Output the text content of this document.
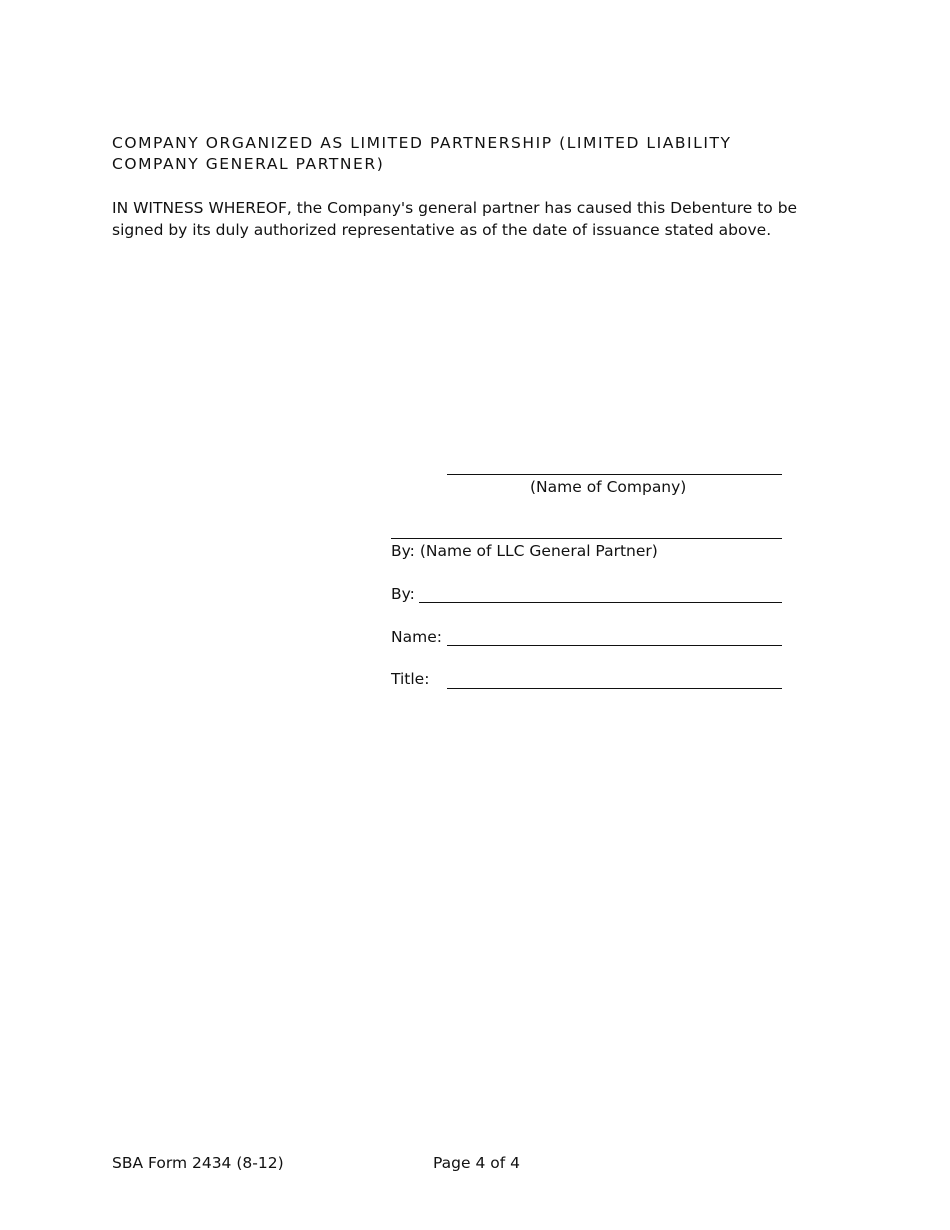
COMPANY ORGANIZED AS LIMITED PARTNERSHIP (LIMITED LIABILITY COMPANY GENERAL PARTNER)

IN WITNESS WHEREOF, the Company's general partner has caused this Debenture to be signed by its duly authorized representative as of the date of issuance stated above.

(Name of Company)
By: (Name of LLC General Partner)
By:
Name:
Title:
SBA Form 2434 (8-12)	Page 4 of 4
